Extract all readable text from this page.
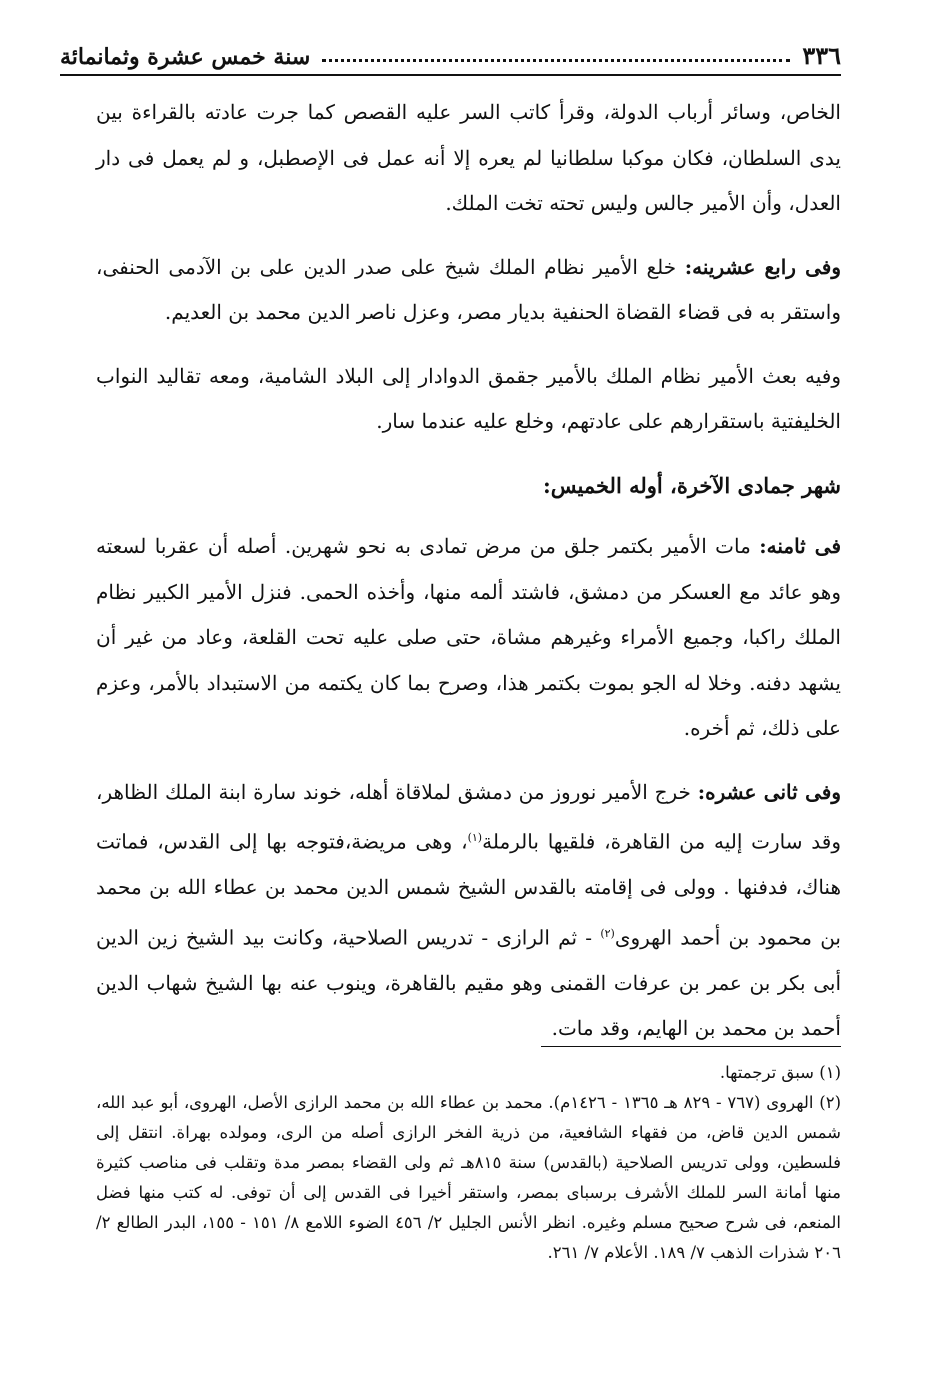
٣٣٦
سنة خمس عشرة وثمانمائة

الخاص، وسائر أرباب الدولة، وقرأ كاتب السر عليه القصص كما جرت عادته بالقراءة بين يدى السلطان، فكان موكبا سلطانيا لم يعره إلا أنه عمل فى الإصطبل، و لم يعمل فى دار العدل، وأن الأمير جالس وليس تحته تخت الملك.

وفى رابع عشرينه: خلع الأمير نظام الملك شيخ على صدر الدين على بن الآدمى الحنفى، واستقر به فى قضاء القضاة الحنفية بديار مصر، وعزل ناصر الدين محمد بن العديم.

وفيه بعث الأمير نظام الملك بالأمير جقمق الدوادار إلى البلاد الشامية، ومعه تقاليد النواب الخليفتية باستقرارهم على عادتهم، وخلع عليه عندما سار.

شهر جمادى الآخرة، أوله الخميس:

فى ثامنه: مات الأمير بكتمر جلق من مرض تمادى به نحو شهرين. أصله أن عقربا لسعته وهو عائد مع العسكر من دمشق، فاشتد ألمه منها، وأخذه الحمى. فنزل الأمير الكبير نظام الملك راكبا، وجميع الأمراء وغيرهم مشاة، حتى صلى عليه تحت القلعة، وعاد من غير أن يشهد دفنه. وخلا له الجو بموت بكتمر هذا، وصرح بما كان يكتمه من الاستبداد بالأمر، وعزم على ذلك، ثم أخره.

وفى ثانى عشره: خرج الأمير نوروز من دمشق لملاقاة أهله، خوند سارة ابنة الملك الظاهر، وقد سارت إليه من القاهرة، فلقيها بالرملة$^{(١)}$، وهى مريضة،فتوجه بها إلى القدس، فماتت هناك، فدفنها . وولى فى إقامته بالقدس الشيخ شمس الدين محمد بن عطاء الله بن محمد بن محمود بن أحمد الهروى$^{(٢)}$ - ثم الرازى - تدريس الصلاحية، وكانت بيد الشيخ زين الدين أبى بكر بن عمر بن عرفات القمنى وهو مقيم بالقاهرة، وينوب عنه بها الشيخ شهاب الدين أحمد بن محمد بن الهايم، وقد مات.

(١) سبق ترجمتها.

(٢) الهروى (٧٦٧ - ٨٢٩ هـ ١٣٦٥ - ١٤٢٦م). محمد بن عطاء الله بن محمد الرازى الأصل، الهروى، أبو عبد الله، شمس الدين قاض، من فقهاء الشافعية، من ذرية الفخر الرازى أصله من الرى، ومولده بهراة. انتقل إلى فلسطين، وولى تدريس الصلاحية (بالقدس) سنة ٨١٥هـ ثم ولى القضاء بمصر مدة وتقلب فى مناصب كثيرة منها أمانة السر للملك الأشرف برسباى بمصر، واستقر أخيرا فى القدس إلى أن توفى. له كتب منها فضل المنعم، فى شرح صحيح مسلم وغيره. انظر الأنس الجليل ٢/ ٤٥٦ الضوء اللامع ٨/ ١٥١ - ١٥٥، البدر الطالع ٢/ ٢٠٦ شذرات الذهب ٧/ ١٨٩. الأعلام ٧/ ٢٦١.
